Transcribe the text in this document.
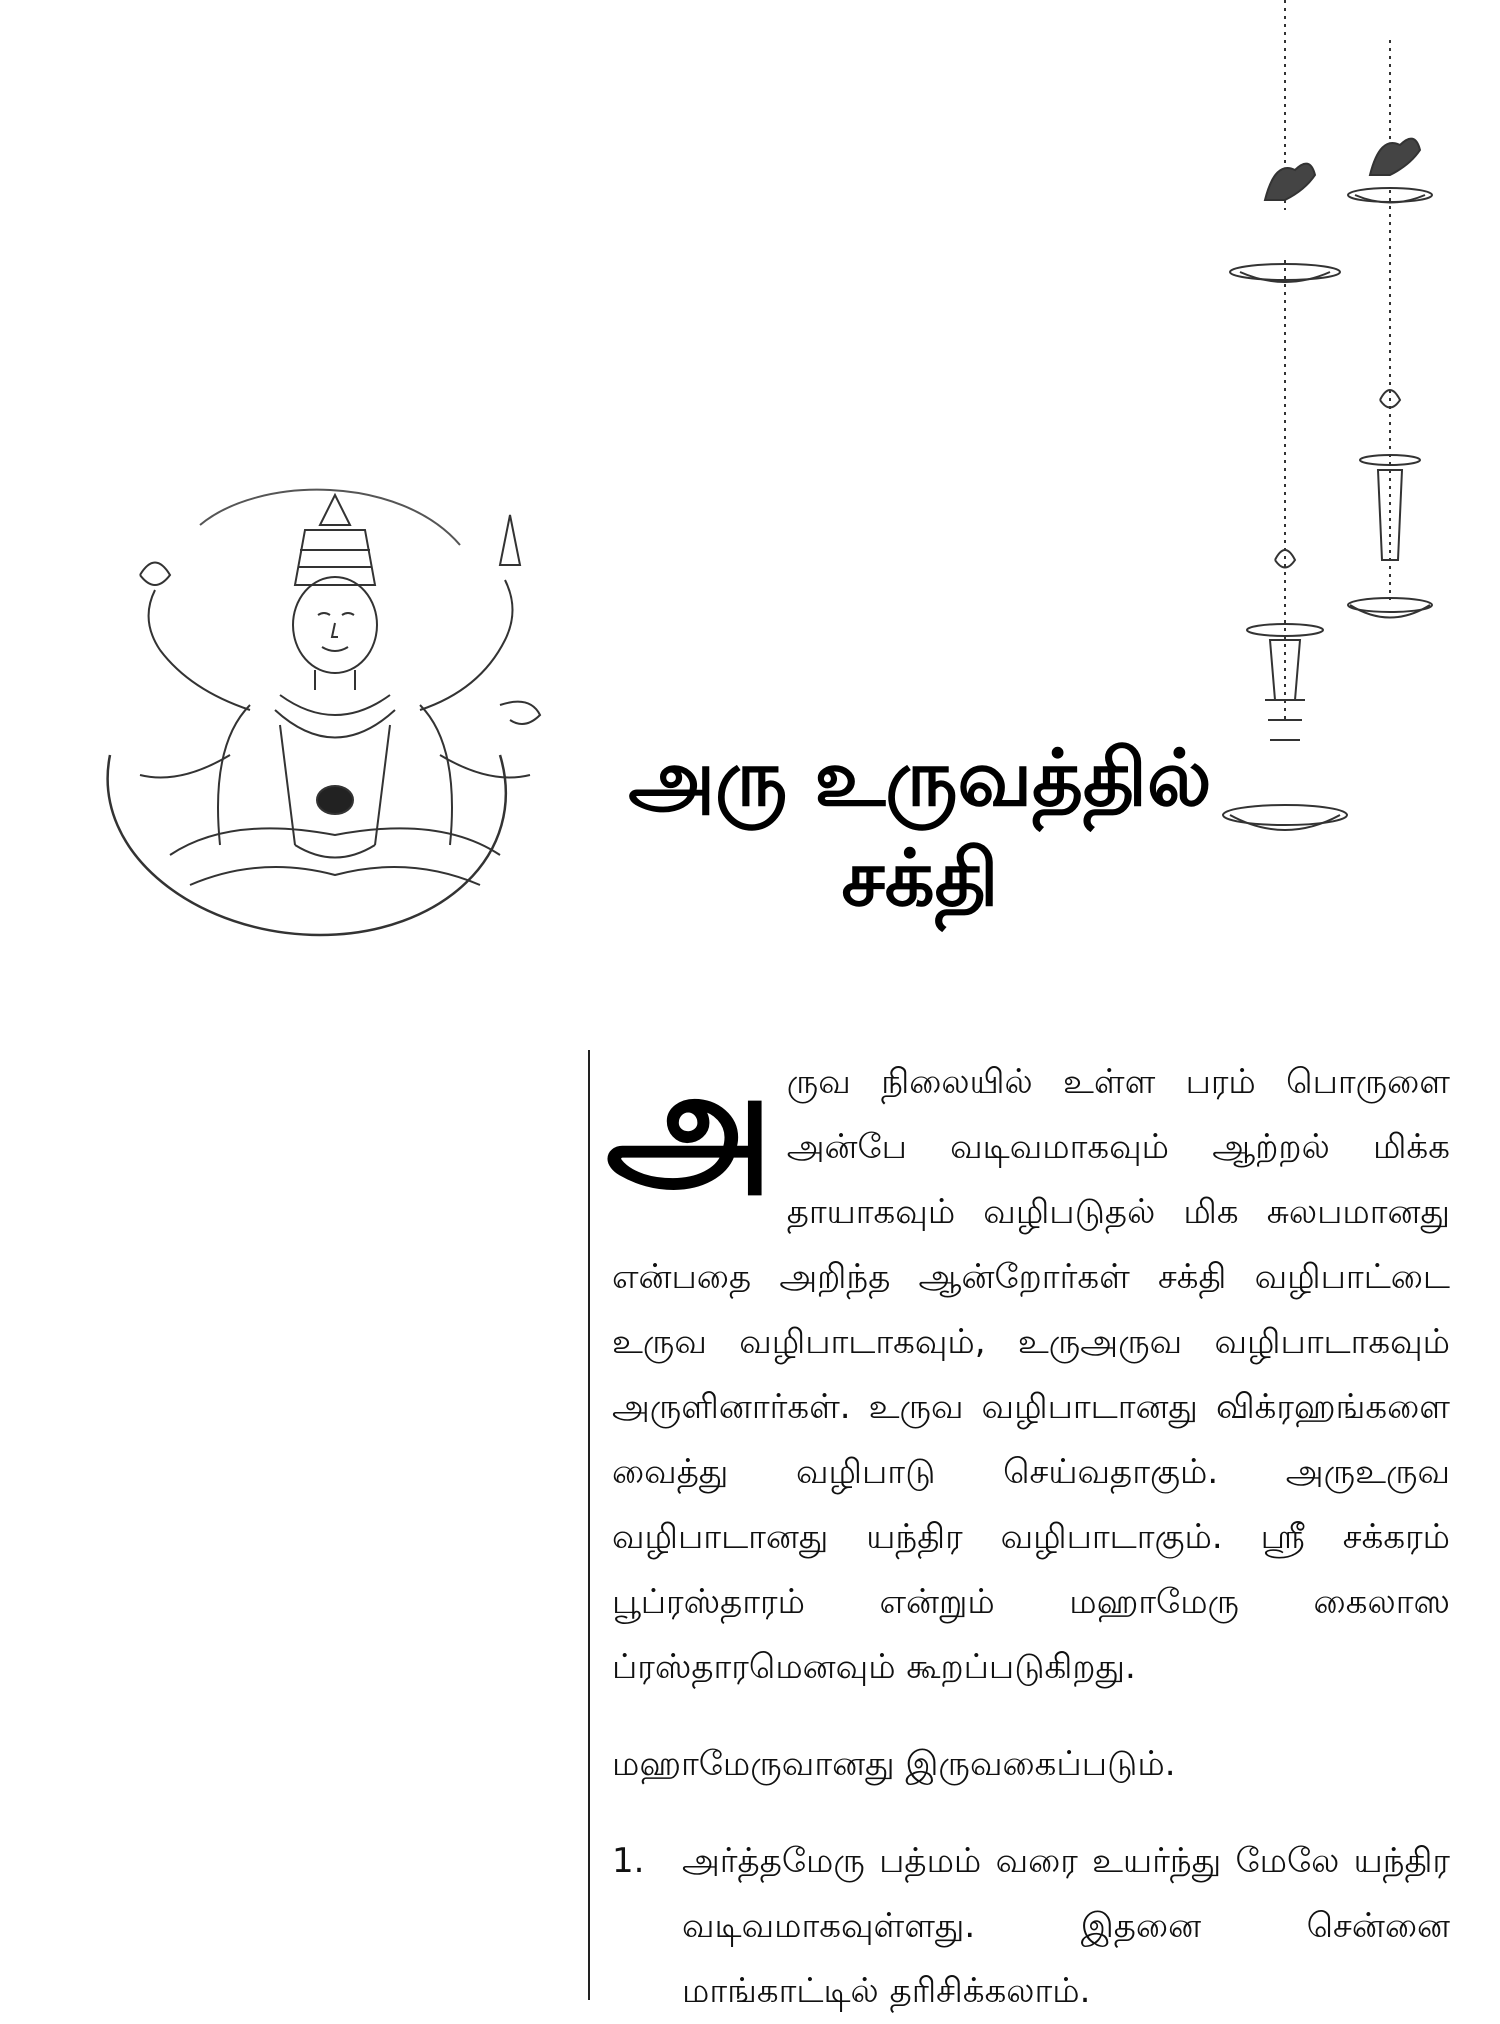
அரு உருவத்தில்
சக்தி
அ ருவ நிலையில் உள்ள பரம் பொருளை அன்பே வடிவமாகவும் ஆற்றல் மிக்க தாயாகவும் வழிபடுதல் மிக சுலபமானது என்பதை அறிந்த ஆன்றோர்கள் சக்தி வழிபாட்டை உருவ வழிபாடாகவும், உருஅருவ வழிபாடாகவும் அருளினார்கள். உருவ வழிபாடானது விக்ரஹங்களை வைத்து வழிபாடு செய்வதாகும். அருஉருவ வழிபாடானது யந்திர வழிபாடாகும். ஸ்ரீ சக்கரம் பூப்ரஸ்தாரம் என்றும் மஹாமேரு கைலாஸ ப்ரஸ்தாரமெனவும் கூறப்படுகிறது.

மஹாமேருவானது இருவகைப்படும்.

1. அர்த்தமேரு பத்மம் வரை உயர்ந்து மேலே யந்திர வடிவமாகவுள்ளது. இதனை சென்னை மாங்காட்டில் தரிசிக்கலாம்.
